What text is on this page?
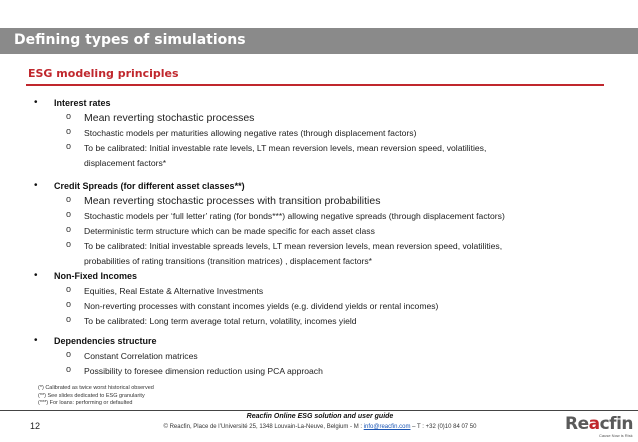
Defining types of simulations
ESG modeling principles
• Interest rates
o Mean reverting stochastic processes
o Stochastic models per maturities allowing negative rates (through displacement factors)
o To be calibrated: Initial investable rate levels, LT mean reversion levels, mean reversion speed, volatilities,
displacement factors*
• Credit Spreads (for different asset classes**)
o Mean reverting stochastic processes with transition probabilities
o Stochastic models per ‘full letter’ rating (for bonds***) allowing negative spreads (through displacement factors)
o Deterministic term structure which can be made specific for each asset class
o To be calibrated: Initial investable spreads levels, LT mean reversion levels, mean reversion speed, volatilities,
probabilities of rating transitions (transition matrices) , displacement factors*
• Non-Fixed Incomes
o Equities, Real Estate & Alternative Investments
o Non-reverting processes with constant incomes yields (e.g. dividend yields or rental incomes)
o To be calibrated: Long term average total return, volatility, incomes yield
• Dependencies structure
o Constant Correlation matrices
o Possibility to foresee dimension reduction using PCA approach
(*) Calibrated as twice worst historical observed
(**) See slides dedicated to ESG granularity
(***) For loans: performing or defaulted
12
Reacfin Online ESG solution and user guide
© Reacfin, Place de l’Université 25, 1348 Louvain-La-Neuve, Belgium - M : info@reacfin.com – T : +32 (0)10 84 07 50	Reacfin
Cause Now is Risk
